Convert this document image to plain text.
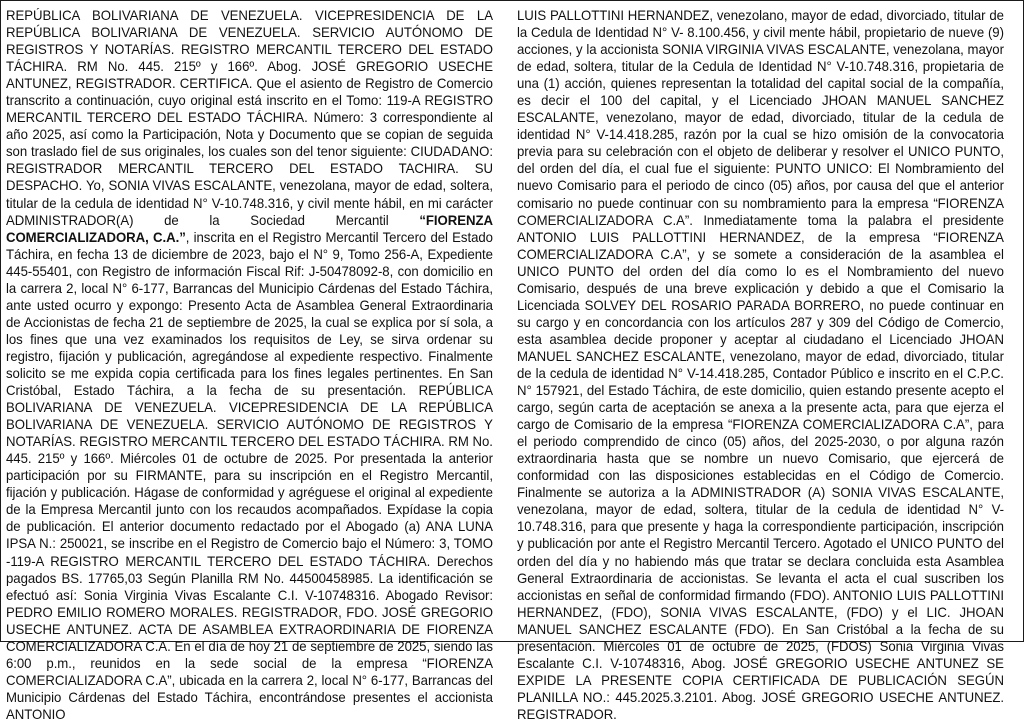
REPÚBLICA BOLIVARIANA DE VENEZUELA. VICEPRESIDENCIA DE LA REPÚBLICA BOLIVARIANA DE VENEZUELA. SERVICIO AUTÓNOMO DE REGISTROS Y NOTARÍAS. REGISTRO MERCANTIL TERCERO DEL ESTADO TÁCHIRA. RM No. 445. 215º y 166º. Abog. JOSÉ GREGORIO USECHE ANTUNEZ, REGISTRADOR. CERTIFICA. Que el asiento de Registro de Comercio transcrito a continuación, cuyo original está inscrito en el Tomo: 119-A REGISTRO MERCANTIL TERCERO DEL ESTADO TÁCHIRA. Número: 3 correspondiente al año 2025, así como la Participación, Nota y Documento que se copian de seguida son traslado fiel de sus originales, los cuales son del tenor siguiente: CIUDADANO: REGISTRADOR MERCANTIL TERCERO DEL ESTADO TACHIRA. SU DESPACHO. Yo, SONIA VIVAS ESCALANTE, venezolana, mayor de edad, soltera, titular de la cedula de identidad N° V-10.748.316, y civil mente hábil, en mi carácter ADMINISTRADOR(A) de la Sociedad Mercantil “FIORENZA COMERCIALIZADORA, C.A.”, inscrita en el Registro Mercantil Tercero del Estado Táchira, en fecha 13 de diciembre de 2023, bajo el N° 9, Tomo 256-A, Expediente 445-55401, con Registro de información Fiscal Rif: J-50478092-8, con domicilio en la carrera 2, local N° 6-177, Barrancas del Municipio Cárdenas del Estado Táchira, ante usted ocurro y expongo: Presento Acta de Asamblea General Extraordinaria de Accionistas de fecha 21 de septiembre de 2025, la cual se explica por sí sola, a los fines que una vez examinados los requisitos de Ley, se sirva ordenar su registro, fijación y publicación, agregándose al expediente respectivo. Finalmente solicito se me expida copia certificada para los fines legales pertinentes. En San Cristóbal, Estado Táchira, a la fecha de su presentación. REPÚBLICA BOLIVARIANA DE VENEZUELA. VICEPRESIDENCIA DE LA REPÚBLICA BOLIVARIANA DE VENEZUELA. SERVICIO AUTÓNOMO DE REGISTROS Y NOTARÍAS. REGISTRO MERCANTIL TERCERO DEL ESTADO TÁCHIRA. RM No. 445. 215º y 166º. Miércoles 01 de octubre de 2025. Por presentada la anterior participación por su FIRMANTE, para su inscripción en el Registro Mercantil, fijación y publicación. Hágase de conformidad y agréguese el original al expediente de la Empresa Mercantil junto con los recaudos acompañados. Expídase la copia de publicación. El anterior documento redactado por el Abogado (a) ANA LUNA IPSA N.: 250021, se inscribe en el Registro de Comercio bajo el Número: 3, TOMO -119-A REGISTRO MERCANTIL TERCERO DEL ESTADO TÁCHIRA. Derechos pagados BS. 17765,03 Según Planilla RM No. 44500458985. La identificación se efectuó así: Sonia Virginia Vivas Escalante C.I. V-10748316. Abogado Revisor: PEDRO EMILIO ROMERO MORALES. REGISTRADOR, FDO. JOSÉ GREGORIO USECHE ANTUNEZ. ACTA DE ASAMBLEA EXTRAORDINARIA DE FIORENZA COMERCIALIZADORA C.A. En el día de hoy 21 de septiembre de 2025, siendo las 6:00 p.m., reunidos en la sede social de la empresa “FIORENZA COMERCIALIZADORA C.A”, ubicada en la carrera 2, local N° 6-177, Barrancas del Municipio Cárdenas del Estado Táchira, encontrándose presentes el accionista ANTONIO

LUIS PALLOTTINI HERNANDEZ, venezolano, mayor de edad, divorciado, titular de la Cedula de Identidad N° V- 8.100.456, y civil mente hábil, propietario de nueve (9) acciones, y la accionista SONIA VIRGINIA VIVAS ESCALANTE, venezolana, mayor de edad, soltera, titular de la Cedula de Identidad N° V-10.748.316, propietaria de una (1) acción, quienes representan la totalidad del capital social de la compañía, es decir el 100 del capital, y el Licenciado JHOAN MANUEL SANCHEZ ESCALANTE, venezolano, mayor de edad, divorciado, titular de la cedula de identidad N° V-14.418.285, razón por la cual se hizo omisión de la convocatoria previa para su celebración con el objeto de deliberar y resolver el UNICO PUNTO, del orden del día, el cual fue el siguiente: PUNTO UNICO: El Nombramiento del nuevo Comisario para el periodo de cinco (05) años, por causa del que el anterior comisario no puede continuar con su nombramiento para la empresa “FIORENZA COMERCIALIZADORA C.A”. Inmediatamente toma la palabra el presidente ANTONIO LUIS PALLOTTINI HERNANDEZ, de la empresa “FIORENZA COMERCIALIZADORA C.A”, y se somete a consideración de la asamblea el UNICO PUNTO del orden del día como lo es el Nombramiento del nuevo Comisario, después de una breve explicación y debido a que el Comisario la Licenciada SOLVEY DEL ROSARIO PARADA BORRERO, no puede continuar en su cargo y en concordancia con los artículos 287 y 309 del Código de Comercio, esta asamblea decide proponer y aceptar al ciudadano el Licenciado JHOAN MANUEL SANCHEZ ESCALANTE, venezolano, mayor de edad, divorciado, titular de la cedula de identidad N° V-14.418.285, Contador Público e inscrito en el C.P.C. N° 157921, del Estado Táchira, de este domicilio, quien estando presente acepto el cargo, según carta de aceptación se anexa a la presente acta, para que ejerza el cargo de Comisario de la empresa “FIORENZA COMERCIALIZADORA C.A”, para el periodo comprendido de cinco (05) años, del 2025-2030, o por alguna razón extraordinaria hasta que se nombre un nuevo Comisario, que ejercerá de conformidad con las disposiciones establecidas en el Código de Comercio. Finalmente se autoriza a la ADMINISTRADOR (A) SONIA VIVAS ESCALANTE, venezolana, mayor de edad, soltera, titular de la cedula de identidad N° V-10.748.316, para que presente y haga la correspondiente participación, inscripción y publicación por ante el Registro Mercantil Tercero. Agotado el UNICO PUNTO del orden del día y no habiendo más que tratar se declara concluida esta Asamblea General Extraordinaria de accionistas. Se levanta el acta el cual suscriben los accionistas en señal de conformidad firmando (FDO). ANTONIO LUIS PALLOTTINI HERNANDEZ, (FDO), SONIA VIVAS ESCALANTE, (FDO) y el LIC. JHOAN MANUEL SANCHEZ ESCALANTE (FDO). En San Cristóbal a la fecha de su presentación. Miércoles 01 de octubre de 2025, (FDOS) Sonia Virginia Vivas Escalante C.I. V-10748316, Abog. JOSÉ GREGORIO USECHE ANTUNEZ SE EXPIDE LA PRESENTE COPIA CERTIFICADA DE PUBLICACIÓN SEGÚN PLANILLA NO.: 445.2025.3.2101. Abog. JOSÉ GREGORIO USECHE ANTUNEZ. REGISTRADOR.
